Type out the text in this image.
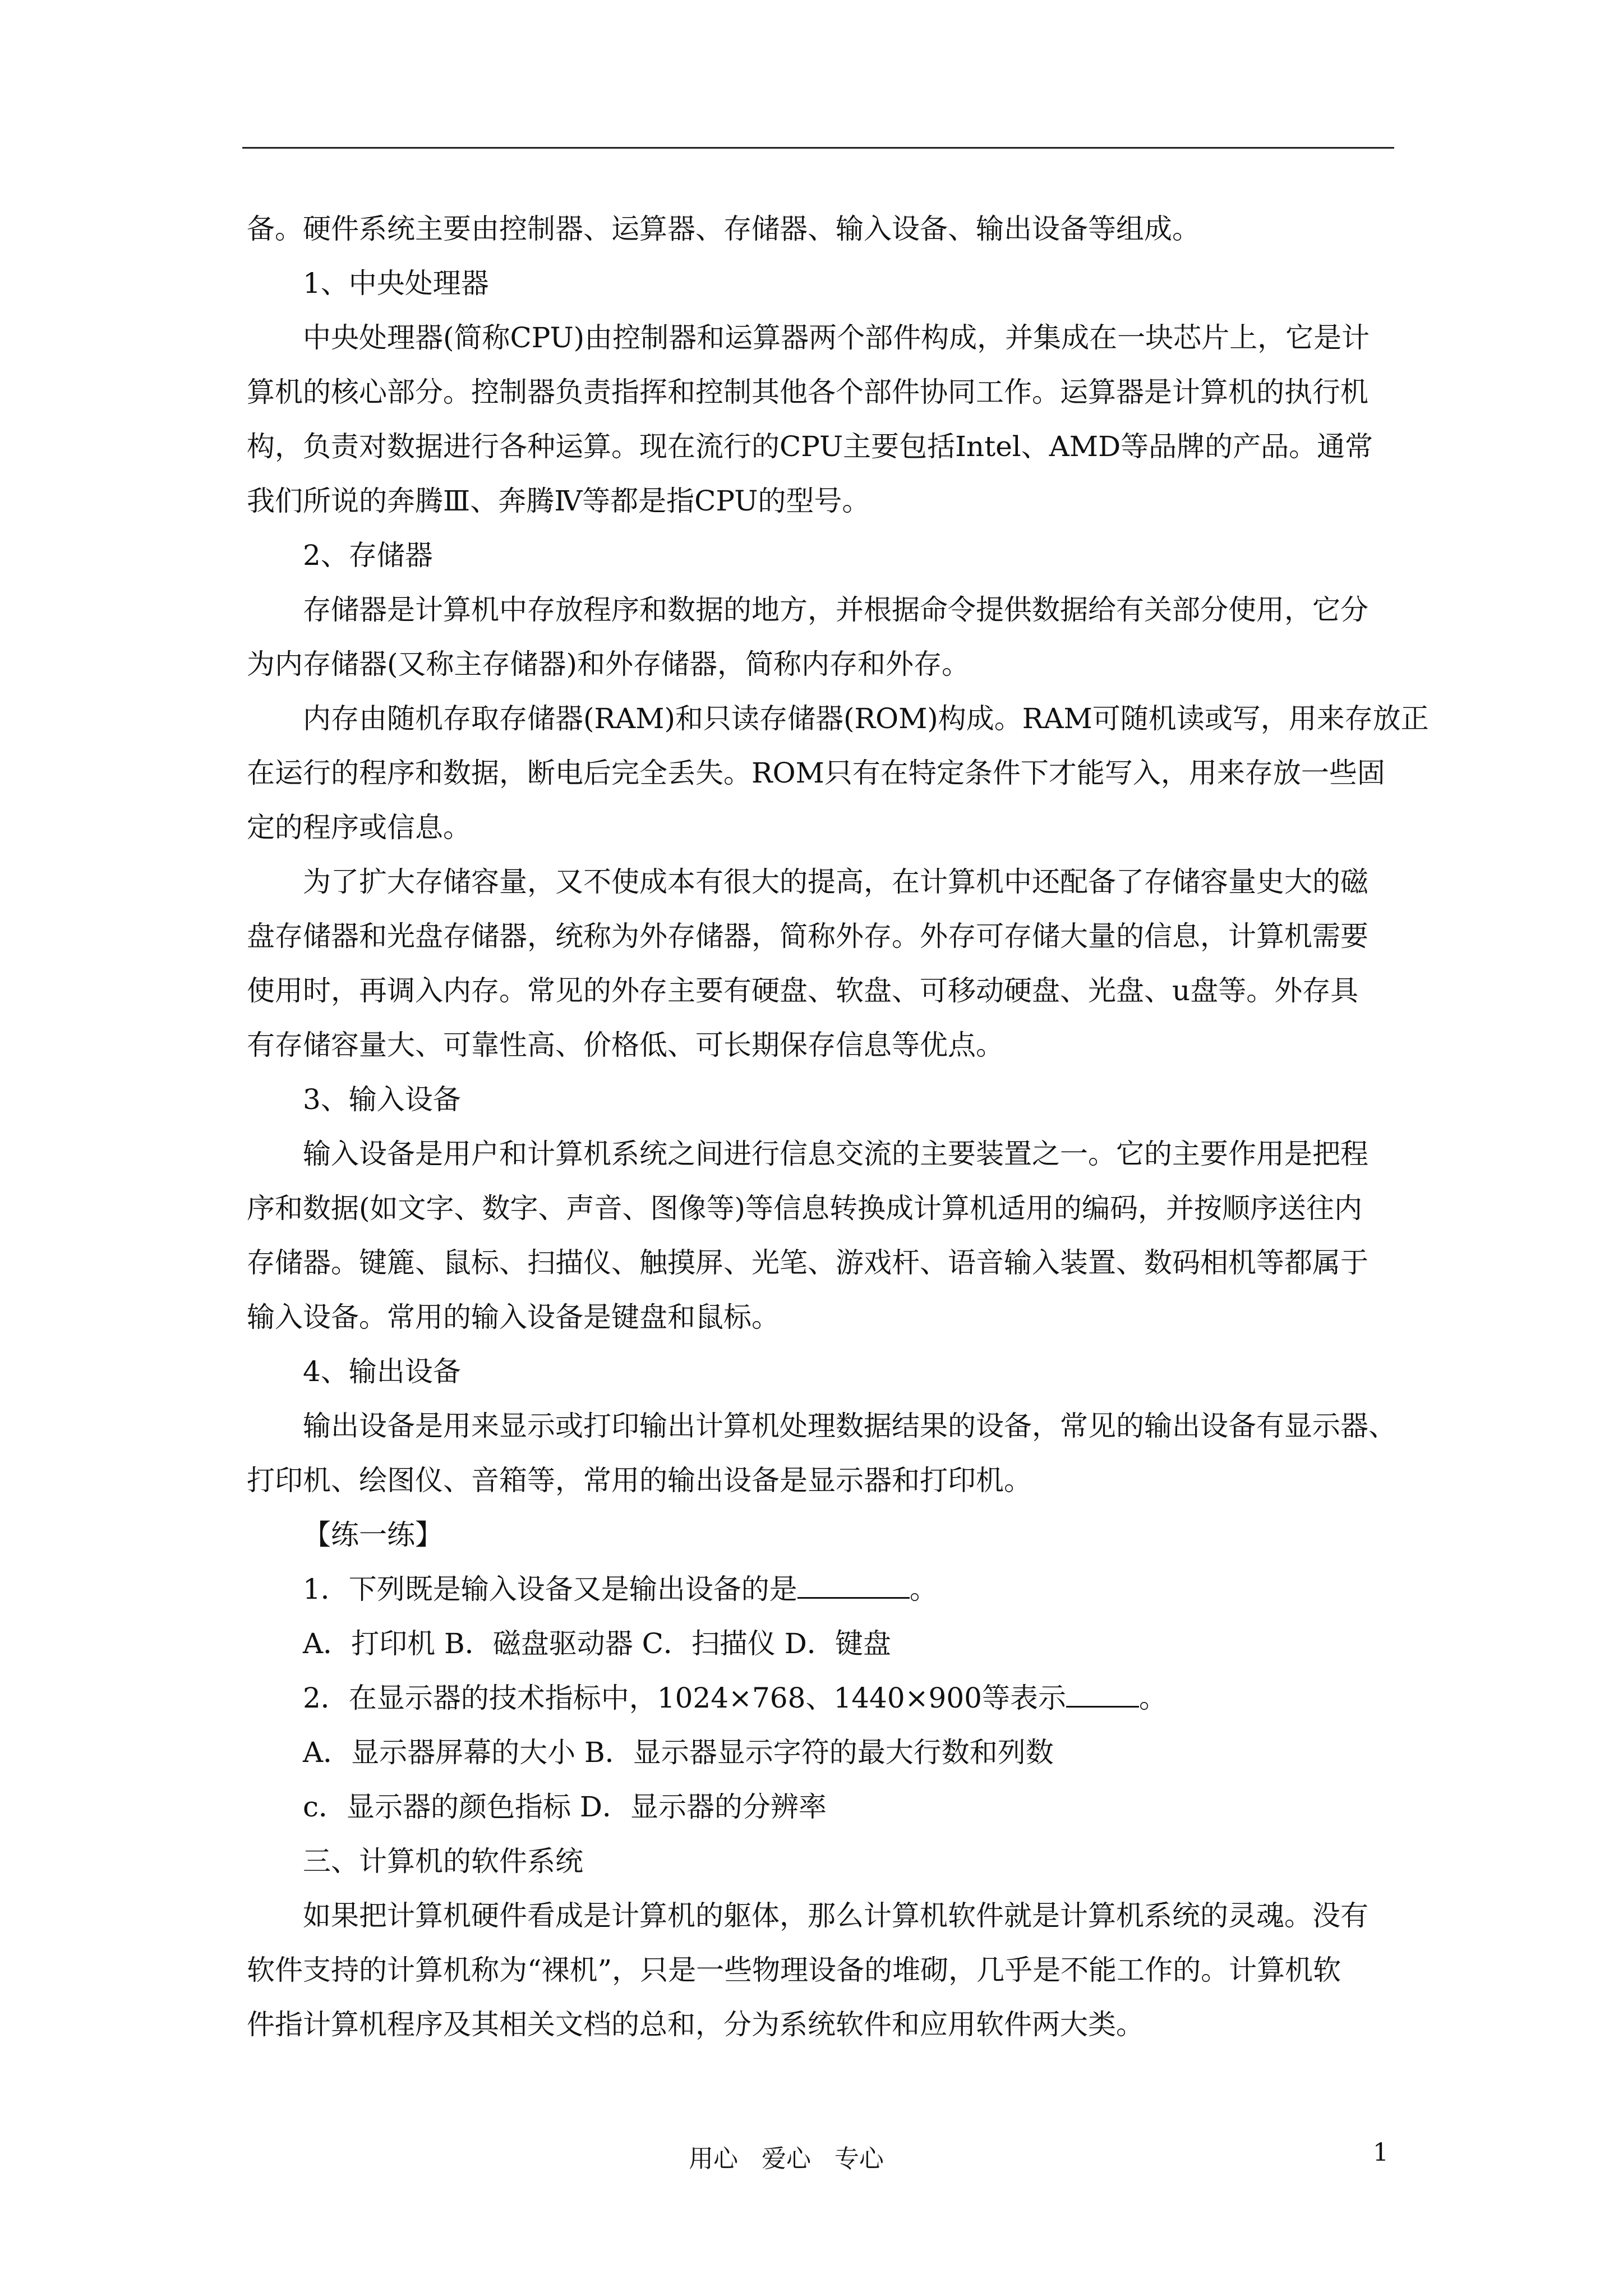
备。硬件系统主要由控制器、运算器、存储器、输入设备、输出设备等组成。

1、中央处理器

中央处理器(简称CPU)由控制器和运算器两个部件构成，并集成在一块芯片上，它是计

算机的核心部分。控制器负责指挥和控制其他各个部件协同工作。运算器是计算机的执行机

构，负责对数据进行各种运算。现在流行的CPU主要包括Intel、AMD等品牌的产品。通常

我们所说的奔腾Ⅲ、奔腾Ⅳ等都是指CPU的型号。

2、存储器

存储器是计算机中存放程序和数据的地方，并根据命令提供数据给有关部分使用，它分

为内存储器(又称主存储器)和外存储器，简称内存和外存。

内存由随机存取存储器(RAM)和只读存储器(ROM)构成。RAM可随机读或写，用来存放正

在运行的程序和数据，断电后完全丢失。ROM只有在特定条件下才能写入，用来存放一些固

定的程序或信息。

为了扩大存储容量，又不使成本有很大的提高，在计算机中还配备了存储容量史大的磁

盘存储器和光盘存储器，统称为外存储器，简称外存。外存可存储大量的信息，计算机需要

使用时，再调入内存。常见的外存主要有硬盘、软盘、可移动硬盘、光盘、u盘等。外存具

有存储容量大、可靠性高、价格低、可长期保存信息等优点。

3、输入设备

输入设备是用户和计算机系统之间进行信息交流的主要装置之一。它的主要作用是把程

序和数据(如文字、数字、声音、图像等)等信息转换成计算机适用的编码，并按顺序送往内

存储器。键簏、鼠标、扫描仪、触摸屏、光笔、游戏杆、语音输入装置、数码相机等都属于

输入设备。常用的输入设备是键盘和鼠标。

4、输出设备

输出设备是用来显示或打印输出计算机处理数据结果的设备，常见的输出设备有显示器、

打印机、绘图仪、音箱等，常用的输出设备是显示器和打印机。

【练一练】

1．下列既是输入设备又是输出设备的是	。

A．打印机 B．磁盘驱动器 C．扫描仪 D．键盘

2．在显示器的技术指标中，1024×768、1440×900等表示	。

A．显示器屏幕的大小 B．显示器显示字符的最大行数和列数

c．显示器的颜色指标 D．显示器的分辨率

三、计算机的软件系统

如果把计算机硬件看成是计算机的躯体，那么计算机软件就是计算机系统的灵魂。没有

软件支持的计算机称为“裸机”，只是一些物理设备的堆砌，几乎是不能工作的。计算机软

件指计算机程序及其相关文档的总和，分为系统软件和应用软件两大类。

用心   爱心   专心	1
